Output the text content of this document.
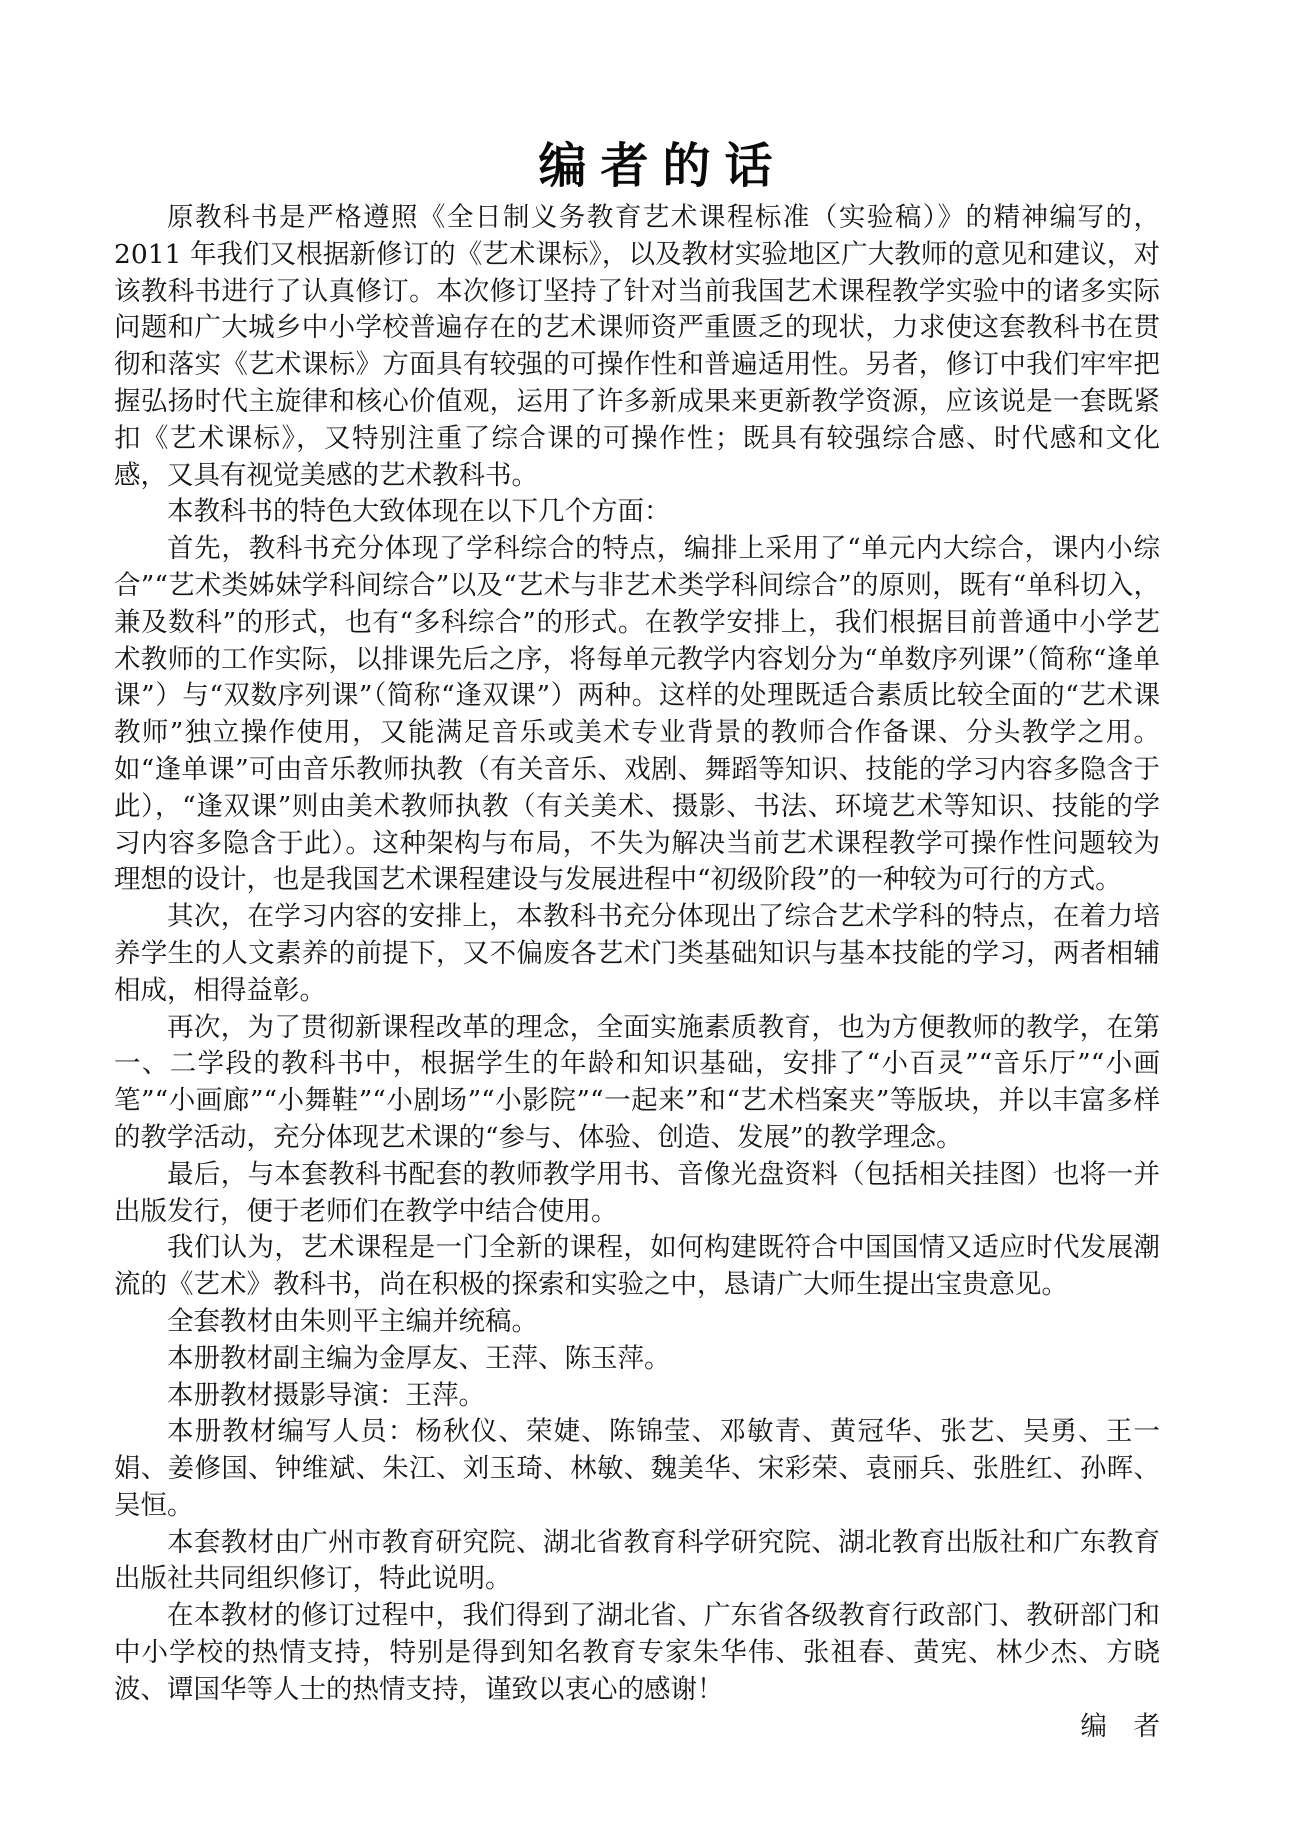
编者的话

原教科书是严格遵照《全日制义务教育艺术课程标准（实验稿）》的精神编写的，2011 年我们又根据新修订的《艺术课标》，以及教材实验地区广大教师的意见和建议，对该教科书进行了认真修订。本次修订坚持了针对当前我国艺术课程教学实验中的诸多实际问题和广大城乡中小学校普遍存在的艺术课师资严重匮乏的现状，力求使这套教科书在贯彻和落实《艺术课标》方面具有较强的可操作性和普遍适用性。另者，修订中我们牢牢把握弘扬时代主旋律和核心价值观，运用了许多新成果来更新教学资源，应该说是一套既紧扣《艺术课标》，又特别注重了综合课的可操作性；既具有较强综合感、时代感和文化感，又具有视觉美感的艺术教科书。

本教科书的特色大致体现在以下几个方面：

首先，教科书充分体现了学科综合的特点，编排上采用了“单元内大综合，课内小综合”“艺术类姊妹学科间综合”以及“艺术与非艺术类学科间综合”的原则，既有“单科切入，兼及数科”的形式，也有“多科综合”的形式。在教学安排上，我们根据目前普通中小学艺术教师的工作实际，以排课先后之序，将每单元教学内容划分为“单数序列课”（简称“逢单课”）与“双数序列课”（简称“逢双课”）两种。这样的处理既适合素质比较全面的“艺术课教师”独立操作使用，又能满足音乐或美术专业背景的教师合作备课、分头教学之用。如“逢单课”可由音乐教师执教（有关音乐、戏剧、舞蹈等知识、技能的学习内容多隐含于此），“逢双课”则由美术教师执教（有关美术、摄影、书法、环境艺术等知识、技能的学习内容多隐含于此）。这种架构与布局，不失为解决当前艺术课程教学可操作性问题较为理想的设计，也是我国艺术课程建设与发展进程中“初级阶段”的一种较为可行的方式。

其次，在学习内容的安排上，本教科书充分体现出了综合艺术学科的特点，在着力培养学生的人文素养的前提下，又不偏废各艺术门类基础知识与基本技能的学习，两者相辅相成，相得益彰。

再次，为了贯彻新课程改革的理念，全面实施素质教育，也为方便教师的教学，在第一、二学段的教科书中，根据学生的年龄和知识基础，安排了“小百灵”“音乐厅”“小画笔”“小画廊”“小舞鞋”“小剧场”“小影院”“一起来”和“艺术档案夹”等版块，并以丰富多样的教学活动，充分体现艺术课的“参与、体验、创造、发展”的教学理念。

最后，与本套教科书配套的教师教学用书、音像光盘资料（包括相关挂图）也将一并出版发行，便于老师们在教学中结合使用。

我们认为，艺术课程是一门全新的课程，如何构建既符合中国国情又适应时代发展潮流的《艺术》教科书，尚在积极的探索和实验之中，恳请广大师生提出宝贵意见。

全套教材由朱则平主编并统稿。

本册教材副主编为金厚友、王萍、陈玉萍。

本册教材摄影导演：王萍。

本册教材编写人员：杨秋仪、荣婕、陈锦莹、邓敏青、黄冠华、张艺、吴勇、王一娟、姜修国、钟维斌、朱江、刘玉琦、林敏、魏美华、宋彩荣、袁丽兵、张胜红、孙晖、吴恒。

本套教材由广州市教育研究院、湖北省教育科学研究院、湖北教育出版社和广东教育出版社共同组织修订，特此说明。

在本教材的修订过程中，我们得到了湖北省、广东省各级教育行政部门、教研部门和中小学校的热情支持，特别是得到知名教育专家朱华伟、张祖春、黄宪、林少杰、方晓波、谭国华等人士的热情支持，谨致以衷心的感谢！

编　者
